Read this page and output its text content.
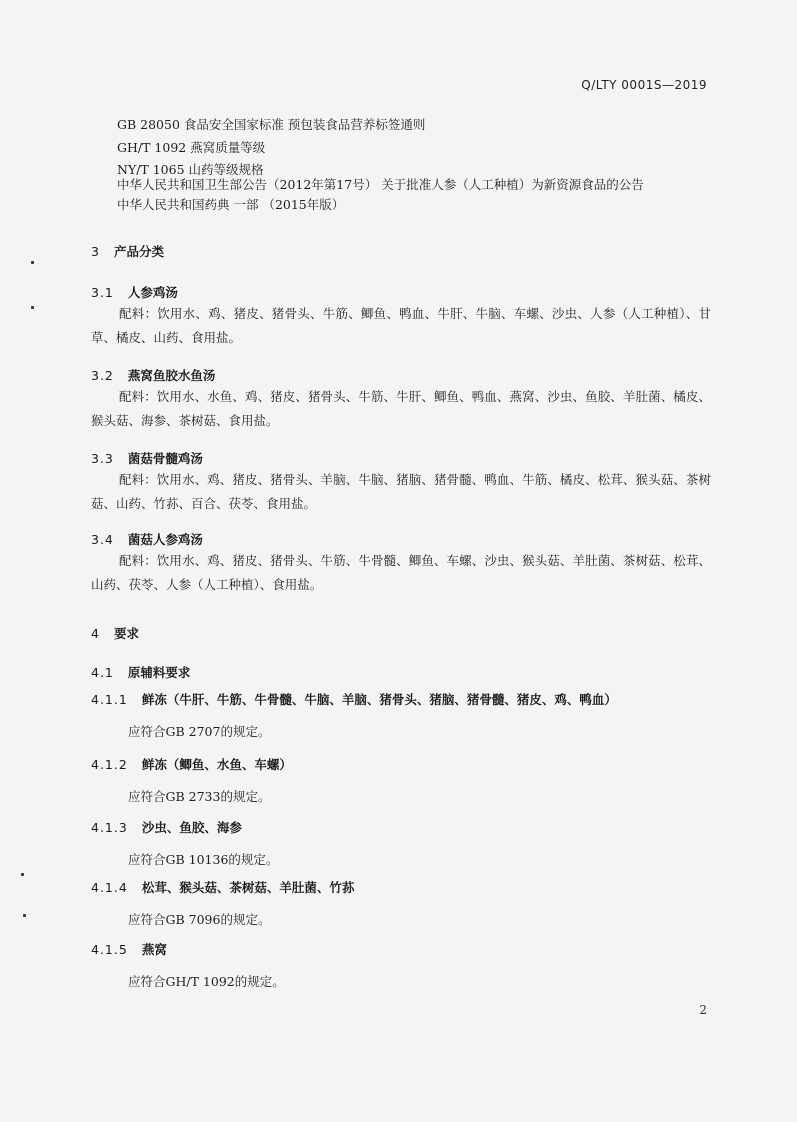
Q/LTY 0001S—2019
GB 28050 食品安全国家标准 预包装食品营养标签通则
GH/T 1092 燕窝质量等级
NY/T 1065 山药等级规格
中华人民共和国卫生部公告（2012年第17号） 关于批准人参（人工种植）为新资源食品的公告
中华人民共和国药典 一部 （2015年版）
3 产品分类
3.1 人参鸡汤
配料：饮用水、鸡、猪皮、猪骨头、牛筋、鲫鱼、鸭血、牛肝、牛脑、车螺、沙虫、人参（人工种植）、甘草、橘皮、山药、食用盐。
3.2 燕窝鱼胶水鱼汤
配料：饮用水、水鱼、鸡、猪皮、猪骨头、牛筋、牛肝、鲫鱼、鸭血、燕窝、沙虫、鱼胶、羊肚菌、橘皮、猴头菇、海参、茶树菇、食用盐。
3.3 菌菇骨髓鸡汤
配料：饮用水、鸡、猪皮、猪骨头、羊脑、牛脑、猪脑、猪骨髓、鸭血、牛筋、橘皮、松茸、猴头菇、茶树菇、山药、竹荪、百合、茯苓、食用盐。
3.4 菌菇人参鸡汤
配料：饮用水、鸡、猪皮、猪骨头、牛筋、牛骨髓、鲫鱼、车螺、沙虫、猴头菇、羊肚菌、茶树菇、松茸、山药、茯苓、人参（人工种植）、食用盐。
4 要求
4.1 原辅料要求
4.1.1 鲜冻（牛肝、牛筋、牛骨髓、牛脑、羊脑、猪骨头、猪脑、猪骨髓、猪皮、鸡、鸭血）
应符合GB 2707的规定。
4.1.2 鲜冻（鲫鱼、水鱼、车螺）
应符合GB 2733的规定。
4.1.3 沙虫、鱼胶、海参
应符合GB 10136的规定。
4.1.4 松茸、猴头菇、茶树菇、羊肚菌、竹荪
应符合GB 7096的规定。
4.1.5 燕窝
应符合GH/T 1092的规定。
2
